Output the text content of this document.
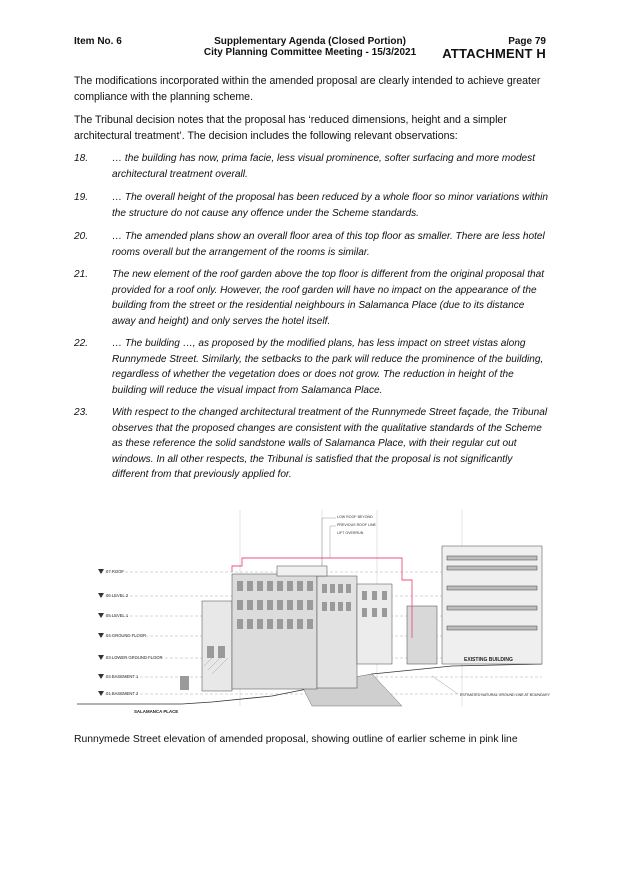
Item No. 6	Supplementary Agenda (Closed Portion)
City Planning Committee Meeting - 15/3/2021
Page 79
ATTACHMENT H
The modifications incorporated within the amended proposal are clearly intended to achieve greater compliance with the planning scheme.
The Tribunal decision notes that the proposal has ‘reduced dimensions, height and a simpler architectural treatment’. The decision includes the following relevant observations:
18. … the building has now, prima facie, less visual prominence, softer surfacing and more modest architectural treatment overall.
19. … The overall height of the proposal has been reduced by a whole floor so minor variations within the structure do not cause any offence under the Scheme standards.
20. … The amended plans show an overall floor area of this top floor as smaller. There are less hotel rooms overall but the arrangement of the rooms is similar.
21. The new element of the roof garden above the top floor is different from the original proposal that provided for a roof only. However, the roof garden will have no impact on the appearance of the building from the street or the residential neighbours in Salamanca Place (due to its distance away and height) and only serves the hotel itself.
22. … The building …, as proposed by the modified plans, has less impact on street vistas along Runnymede Street. Similarly, the setbacks to the park will reduce the prominence of the building, regardless of whether the vegetation does or does not grow. The reduction in height of the building will reduce the visual impact from Salamanca Place.
23. With respect to the changed architectural treatment of the Runnymede Street façade, the Tribunal observes that the proposed changes are consistent with the qualitative standards of the Scheme as these reference the solid sandstone walls of Salamanca Place, with their regular cut out windows. In all other respects, the Tribunal is satisfied that the proposal is not significantly different from that previously applied for.
07 ROOF
06 LEVEL 2
05 LEVEL 1
04 GROUND FLOOR
03 LOWER GROUND FLOOR
02 BASEMENT 1
01 BASEMENT 2
EXISTING BUILDING
LOW ROOF BEYOND
PREVIOUS ROOF LINE
LIFT OVERRUN
ESTIMATED NATURAL GROUND LINE AT BOUNDARY
SALAMANCA PLACE
Runnymede Street elevation of amended proposal, showing outline of earlier scheme in pink line
